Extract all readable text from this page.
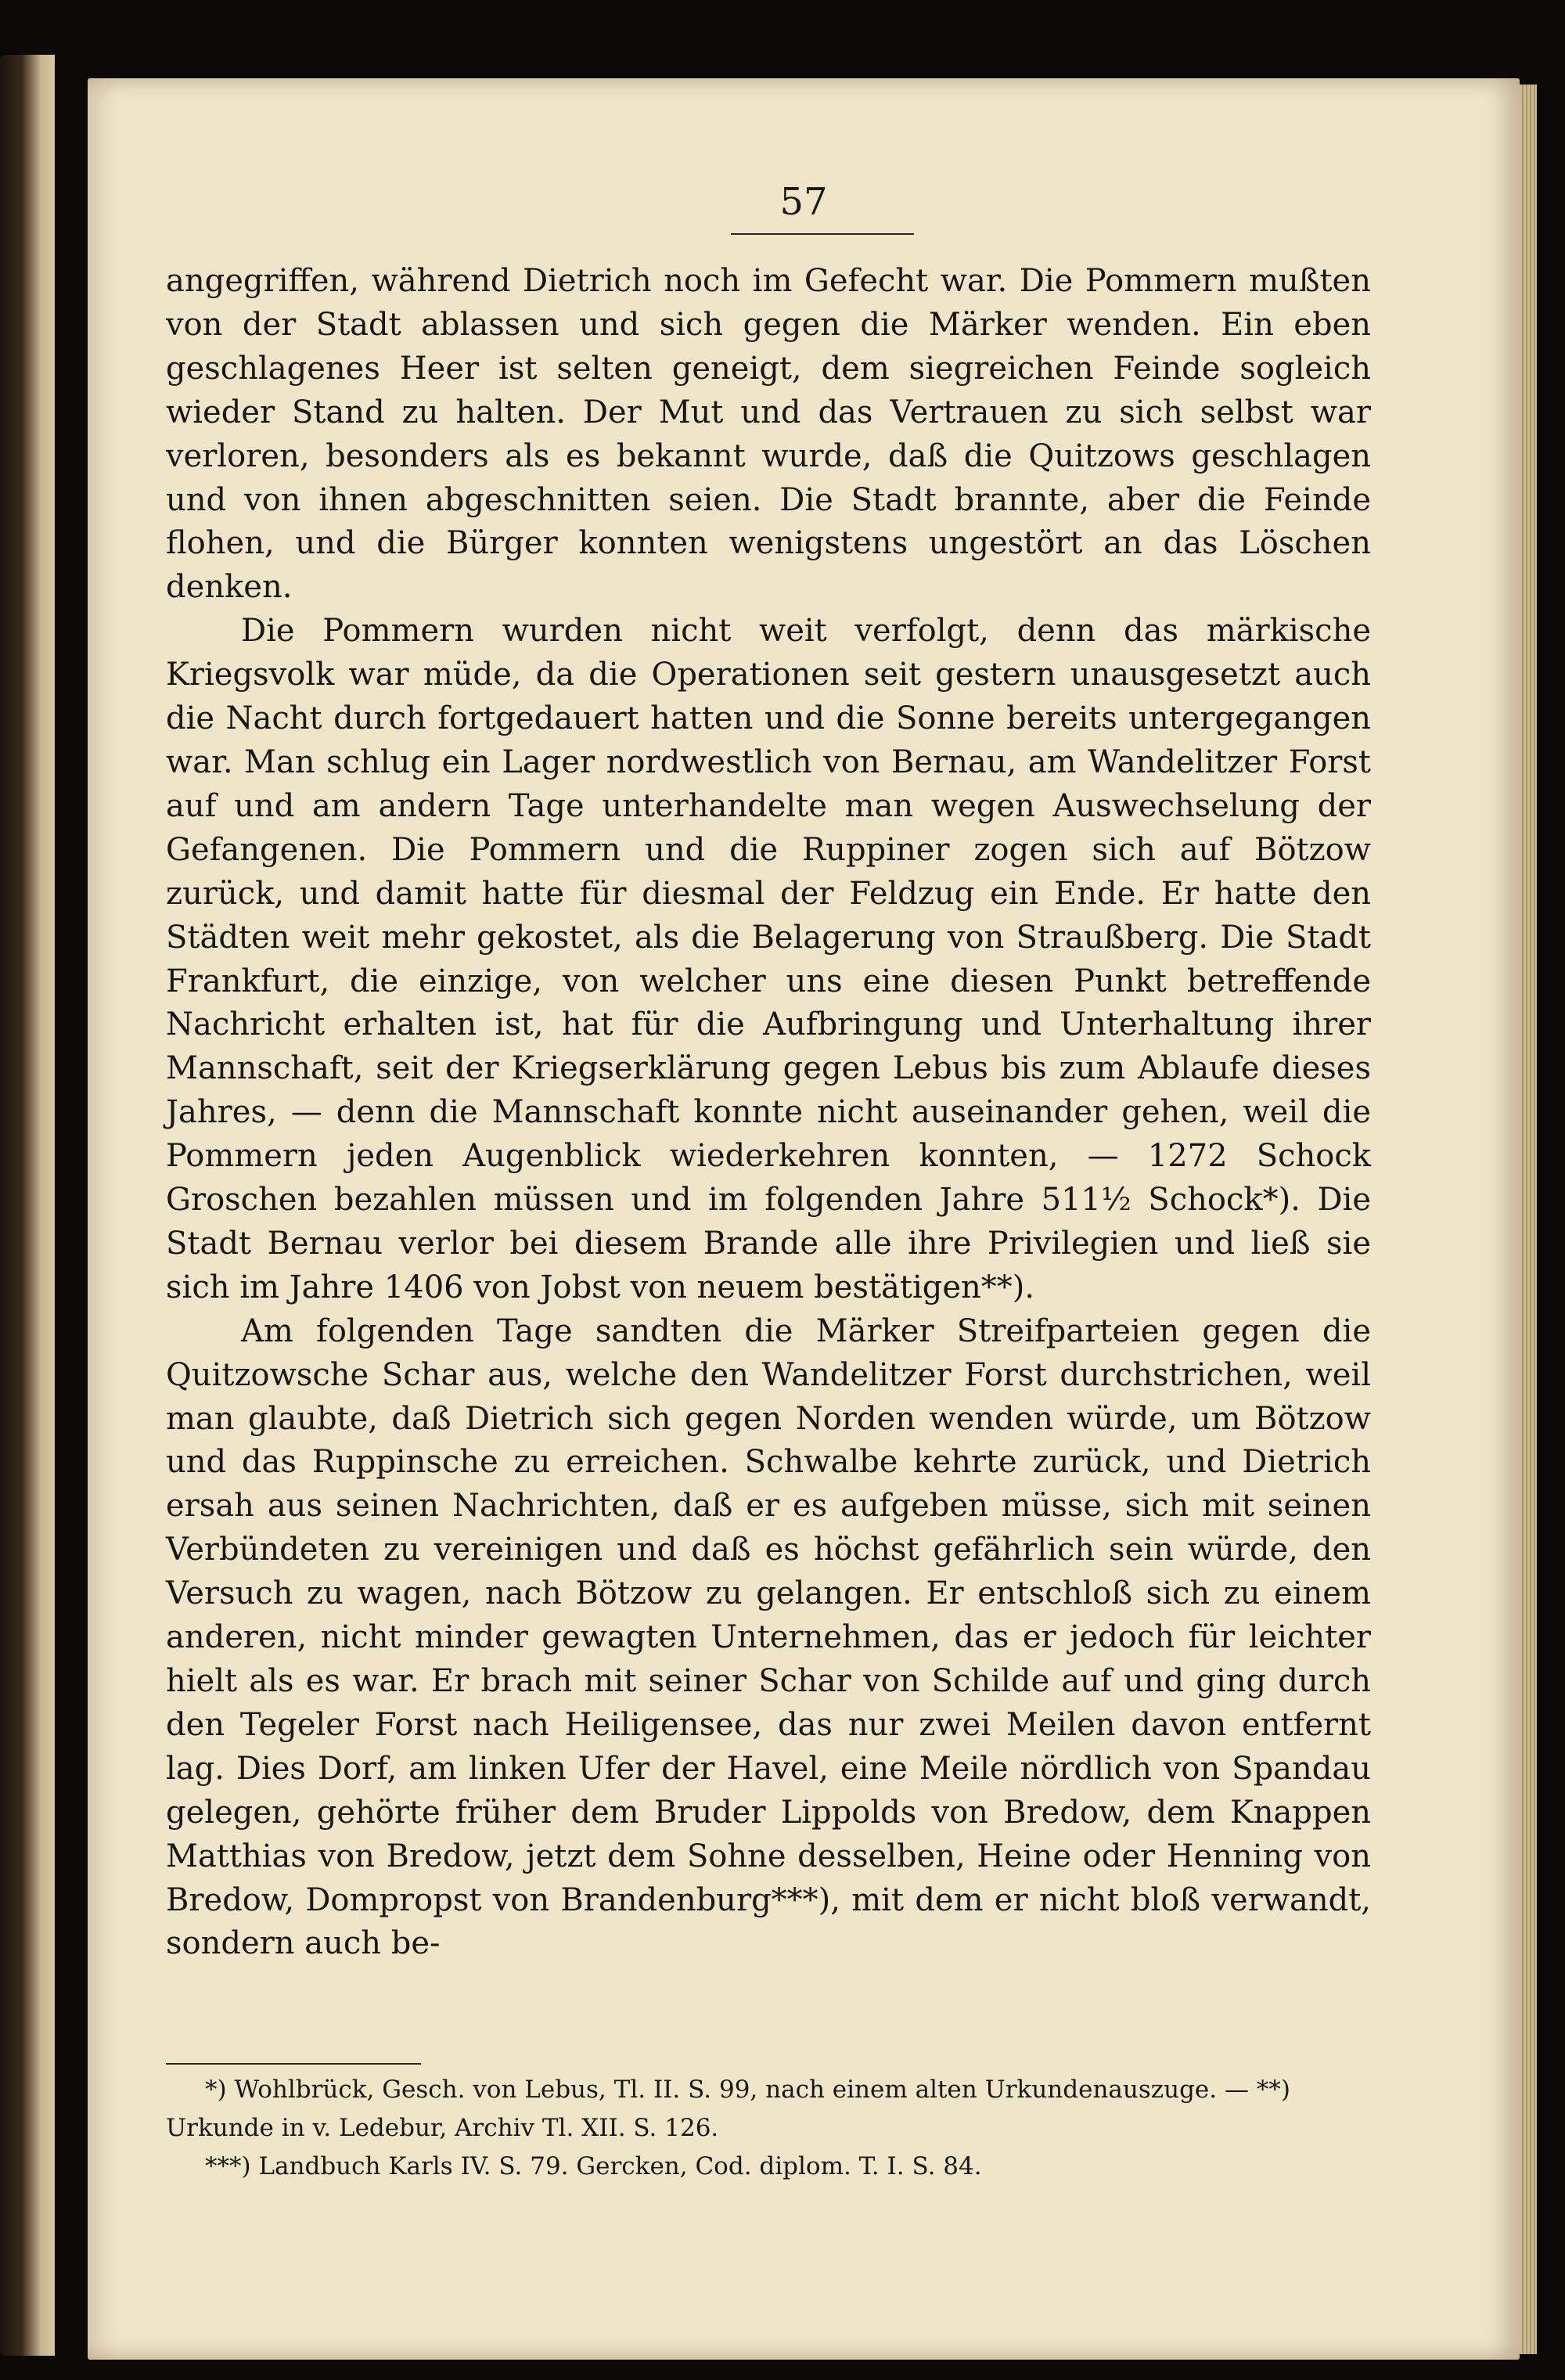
57

angegriffen, während Dietrich noch im Gefecht war. Die Pommern mußten von der Stadt ablassen und sich gegen die Märker wenden. Ein eben geschlagenes Heer ist selten geneigt, dem siegreichen Feinde sogleich wieder Stand zu halten. Der Mut und das Vertrauen zu sich selbst war verloren, besonders als es bekannt wurde, daß die Quitzows geschlagen und von ihnen abgeschnitten seien. Die Stadt brannte, aber die Feinde flohen, und die Bürger konnten wenigstens ungestört an das Löschen denken.

Die Pommern wurden nicht weit verfolgt, denn das märkische Kriegsvolk war müde, da die Operationen seit gestern unausgesetzt auch die Nacht durch fortgedauert hatten und die Sonne bereits untergegangen war. Man schlug ein Lager nordwestlich von Bernau, am Wandelitzer Forst auf und am andern Tage unterhandelte man wegen Auswechselung der Gefangenen. Die Pommern und die Ruppiner zogen sich auf Bötzow zurück, und damit hatte für diesmal der Feldzug ein Ende. Er hatte den Städten weit mehr gekostet, als die Belagerung von Straußberg. Die Stadt Frankfurt, die einzige, von welcher uns eine diesen Punkt betreffende Nachricht erhalten ist, hat für die Aufbringung und Unterhaltung ihrer Mannschaft, seit der Kriegserklärung gegen Lebus bis zum Ablaufe dieses Jahres, — denn die Mannschaft konnte nicht auseinander gehen, weil die Pommern jeden Augenblick wiederkehren konnten, — 1272 Schock Groschen bezahlen müssen und im folgenden Jahre 511½ Schock*). Die Stadt Bernau verlor bei diesem Brande alle ihre Privilegien und ließ sie sich im Jahre 1406 von Jobst von neuem bestätigen**).

Am folgenden Tage sandten die Märker Streifparteien gegen die Quitzowsche Schar aus, welche den Wandelitzer Forst durchstrichen, weil man glaubte, daß Dietrich sich gegen Norden wenden würde, um Bötzow und das Ruppinsche zu erreichen. Schwalbe kehrte zurück, und Dietrich ersah aus seinen Nachrichten, daß er es aufgeben müsse, sich mit seinen Verbündeten zu vereinigen und daß es höchst gefährlich sein würde, den Versuch zu wagen, nach Bötzow zu gelangen. Er entschloß sich zu einem anderen, nicht minder gewagten Unternehmen, das er jedoch für leichter hielt als es war. Er brach mit seiner Schar von Schilde auf und ging durch den Tegeler Forst nach Heiligensee, das nur zwei Meilen davon entfernt lag. Dies Dorf, am linken Ufer der Havel, eine Meile nördlich von Spandau gelegen, gehörte früher dem Bruder Lippolds von Bredow, dem Knappen Matthias von Bredow, jetzt dem Sohne desselben, Heine oder Henning von Bredow, Dompropst von Brandenburg***), mit dem er nicht bloß verwandt, sondern auch be-

*) Wohlbrück, Gesch. von Lebus, Tl. II. S. 99, nach einem alten Urkundenauszuge. — **) Urkunde in v. Ledebur, Archiv Tl. XII. S. 126.

***) Landbuch Karls IV. S. 79. Gercken, Cod. diplom. T. I. S. 84.
